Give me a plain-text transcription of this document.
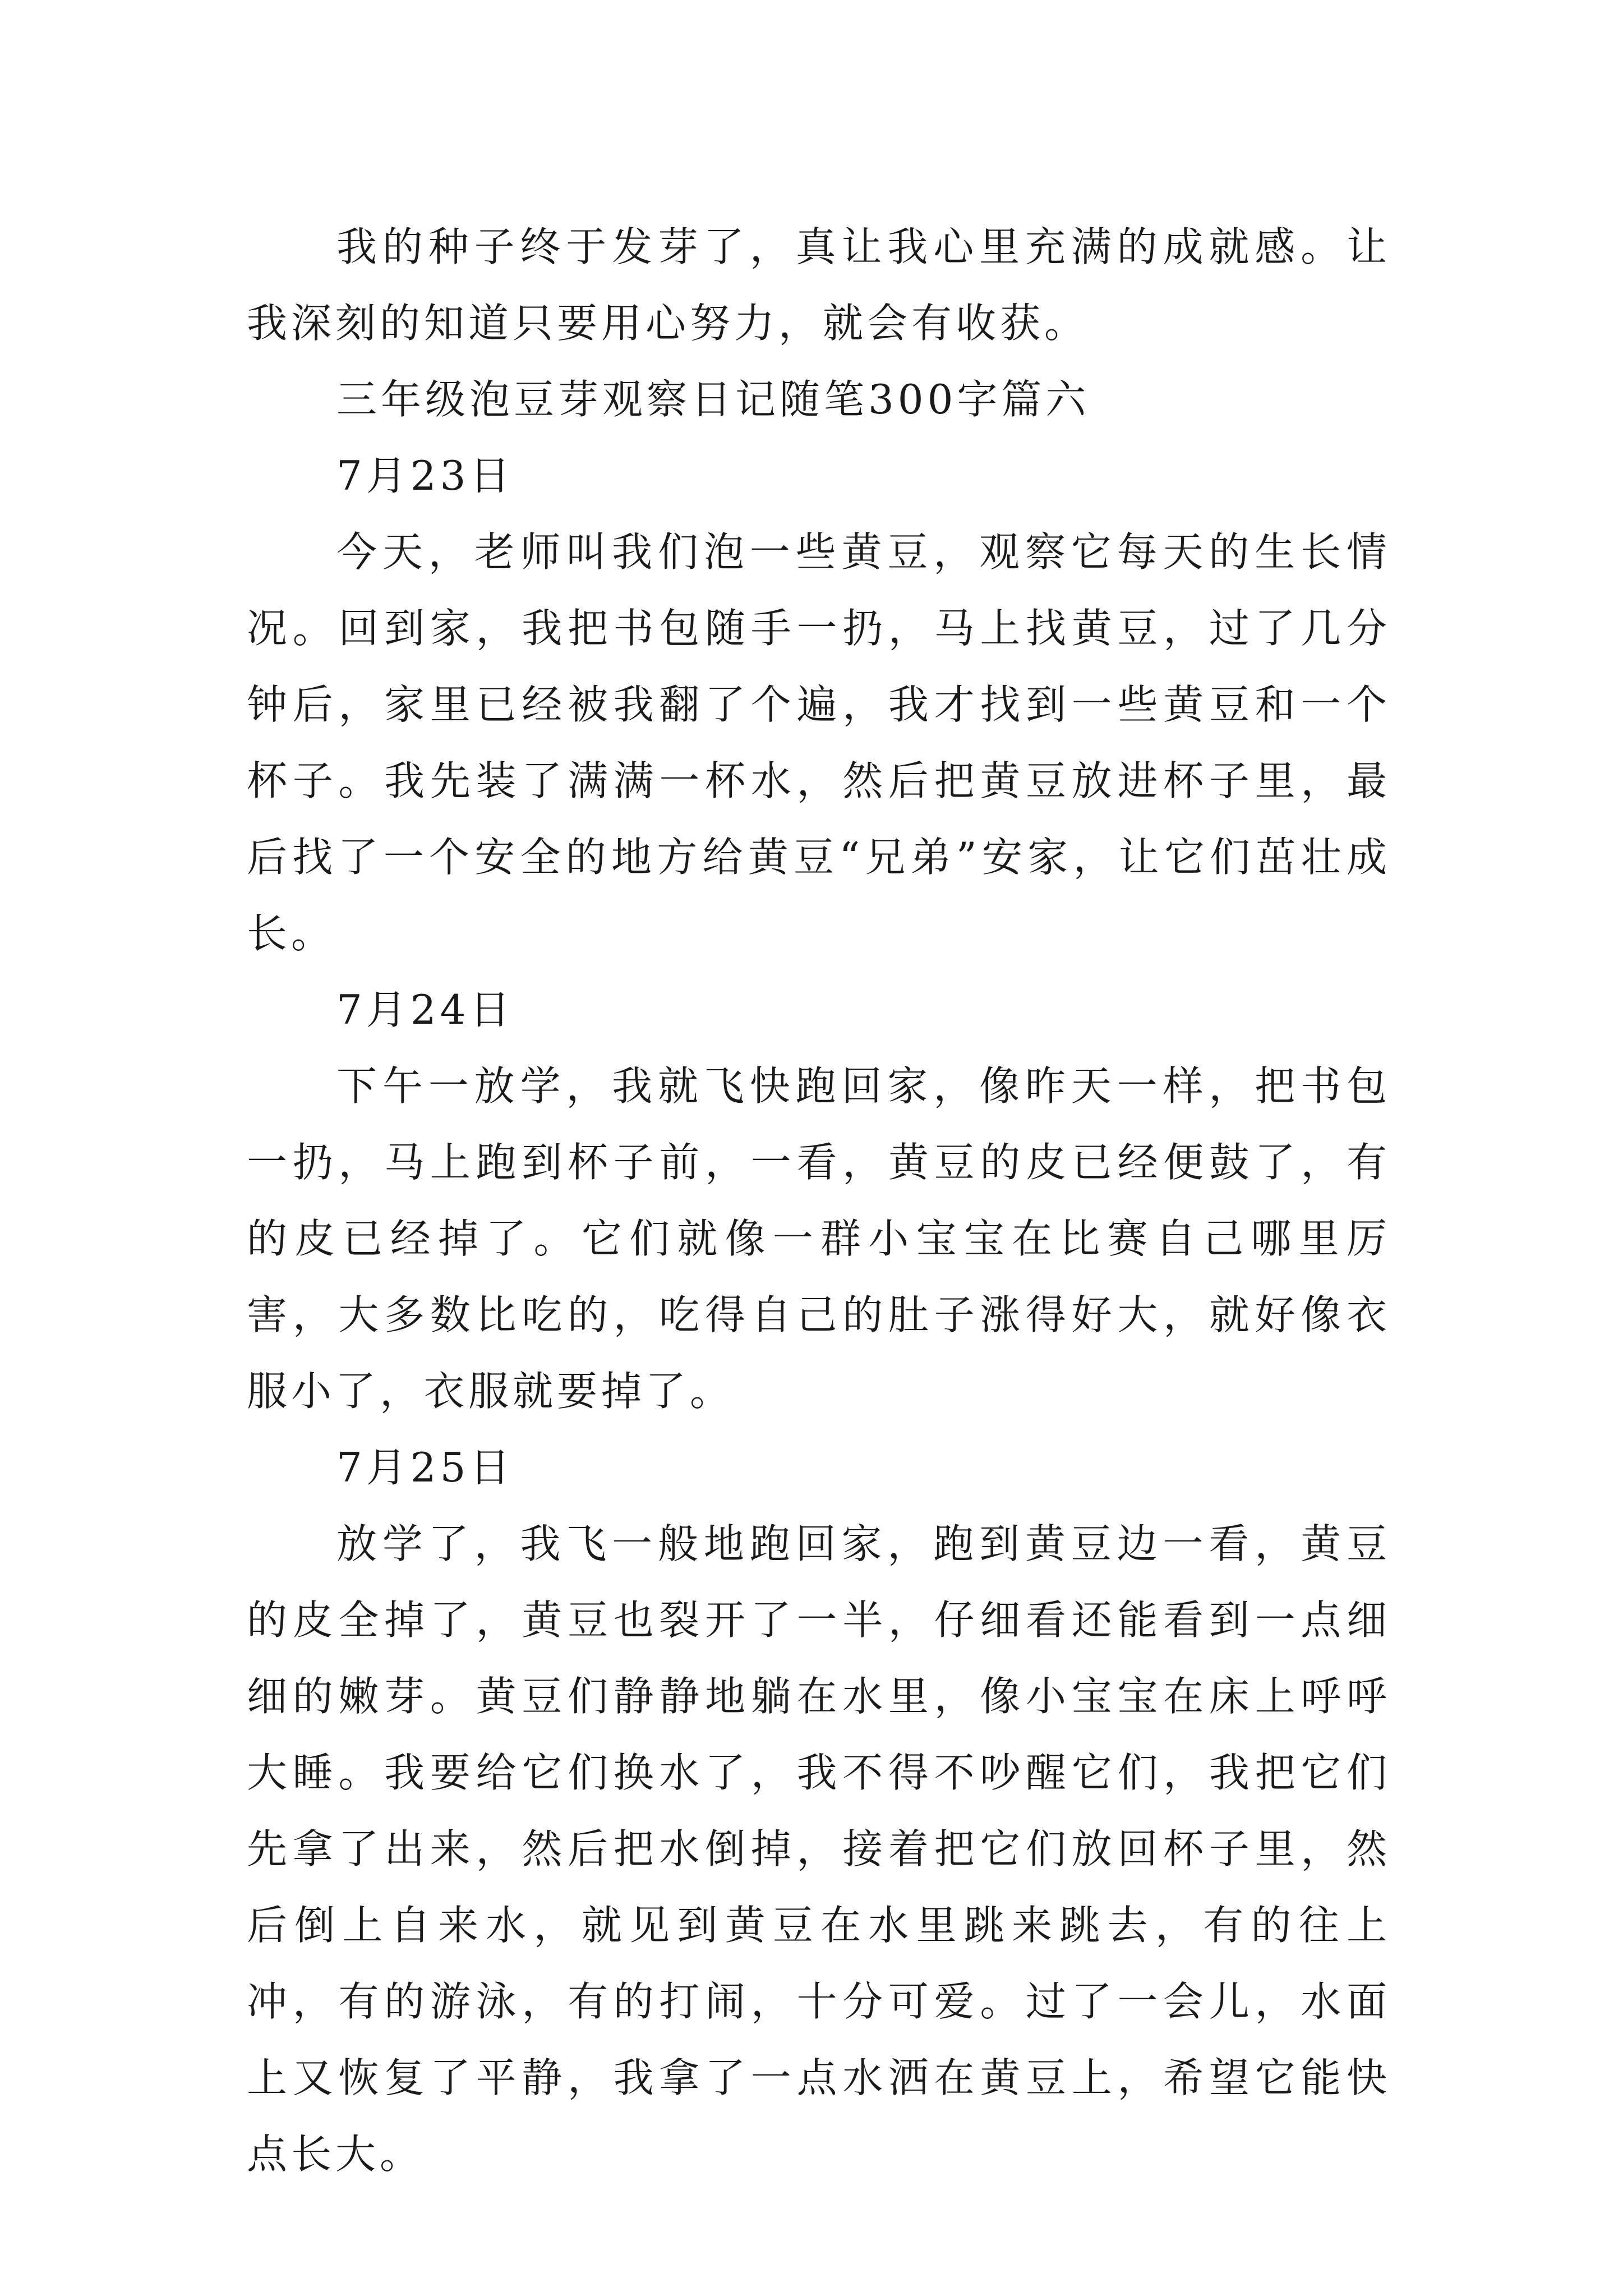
我的种子终于发芽了，真让我心里充满的成就感。让我深刻的知道只要用心努力，就会有收获。

三年级泡豆芽观察日记随笔300字篇六

7月23日

今天，老师叫我们泡一些黄豆，观察它每天的生长情况。回到家，我把书包随手一扔，马上找黄豆，过了几分钟后，家里已经被我翻了个遍，我才找到一些黄豆和一个杯子。我先装了满满一杯水，然后把黄豆放进杯子里，最后找了一个安全的地方给黄豆“兄弟”安家，让它们茁壮成长。

7月24日

下午一放学，我就飞快跑回家，像昨天一样，把书包一扔，马上跑到杯子前，一看，黄豆的皮已经便鼓了，有的皮已经掉了。它们就像一群小宝宝在比赛自己哪里厉害，大多数比吃的，吃得自己的肚子涨得好大，就好像衣服小了，衣服就要掉了。

7月25日

放学了，我飞一般地跑回家，跑到黄豆边一看，黄豆的皮全掉了，黄豆也裂开了一半，仔细看还能看到一点细细的嫩芽。黄豆们静静地躺在水里，像小宝宝在床上呼呼大睡。我要给它们换水了，我不得不吵醒它们，我把它们先拿了出来，然后把水倒掉，接着把它们放回杯子里，然后倒上自来水，就见到黄豆在水里跳来跳去，有的往上冲，有的游泳，有的打闹，十分可爱。过了一会儿，水面上又恢复了平静，我拿了一点水洒在黄豆上，希望它能快点长大。
